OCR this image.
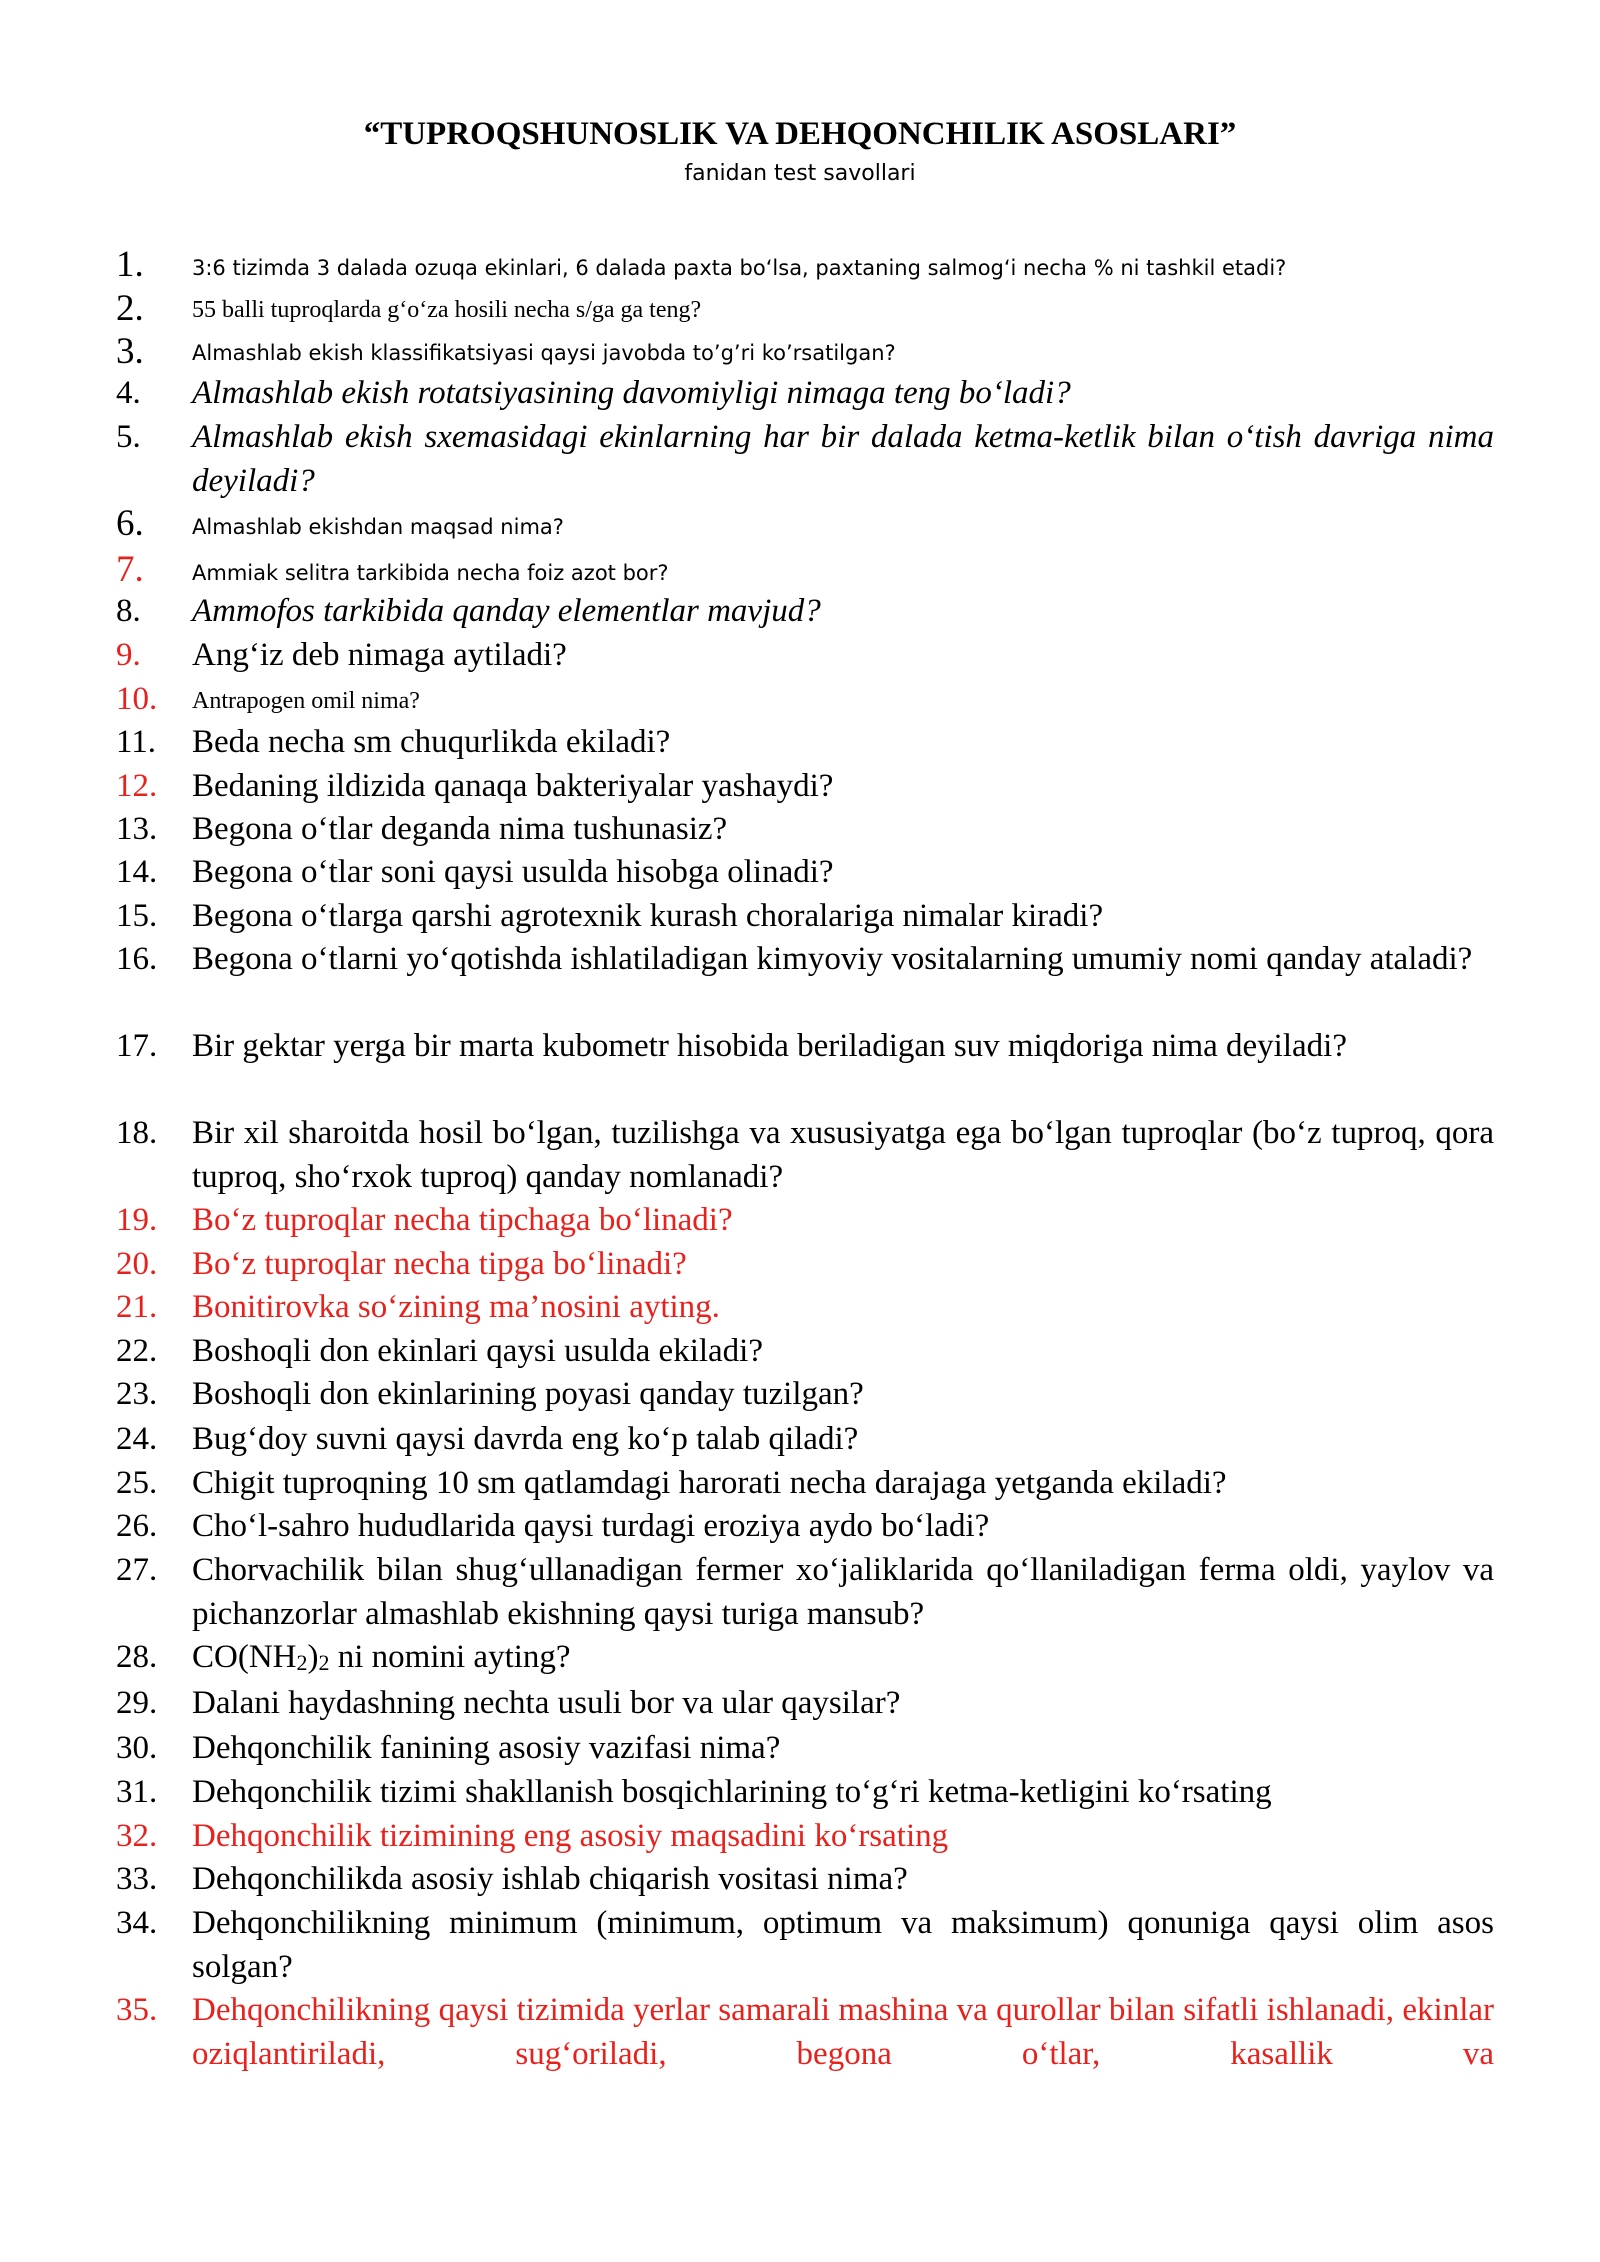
“TUPROQSHUNOSLIK VA DEHQONCHILIK ASOSLARI”
fanidan test savollari
1. 3:6 tizimda 3 dalada ozuqa ekinlari, 6 dalada paxta bo‘lsa, paxtaning salmog‘i necha % ni tashkil etadi?
2. 55 balli tuproqlarda g‘o‘za hosili necha s/ga ga teng?
3. Almashlab ekish klassifikatsiyasi qaysi javobda to’g’ri ko’rsatilgan?
4. Almashlab ekish rotatsiyasining davomiyligi nimaga teng bo‘ladi?
5. Almashlab ekish sxemasidagi ekinlarning har bir dalada ketma-ketlik bilan o‘tish davriga nima deyiladi?
6. Almashlab ekishdan maqsad nima?
7. Ammiak selitra tarkibida necha foiz azot bor?
8. Ammofos tarkibida qanday elementlar mavjud?
9. Ang‘iz deb nimaga aytiladi?
10. Antrapogen omil nima?
11. Beda necha sm chuqurlikda ekiladi?
12. Bedaning ildizida qanaqa bakteriyalar yashaydi?
13. Begona o‘tlar deganda nima tushunasiz?
14. Begona o‘tlar soni qaysi usulda hisobga olinadi?
15. Begona o‘tlarga qarshi agrotexnik kurash choralariga nimalar kiradi?
16. Begona o‘tlarni yo‘qotishda ishlatiladigan kimyoviy vositalarning umumiy nomi qanday ataladi?
17. Bir gektar yerga bir marta kubometr hisobida beriladigan suv miqdoriga nima deyiladi?
18. Bir xil sharoitda hosil bo‘lgan, tuzilishga va xususiyatga ega bo‘lgan tuproqlar (bo‘z tuproq, qora tuproq, sho‘rxok tuproq) qanday nomlanadi?
19. Bo‘z tuproqlar necha tipchaga bo‘linadi?
20. Bo‘z tuproqlar necha tipga bo‘linadi?
21. Bonitirovka so‘zining ma’nosini ayting.
22. Boshoqli don ekinlari qaysi usulda ekiladi?
23. Boshoqli don ekinlarining poyasi qanday tuzilgan?
24. Bug‘doy suvni qaysi davrda eng ko‘p talab qiladi?
25. Chigit tuproqning 10 sm qatlamdagi harorati necha darajaga yetganda ekiladi?
26. Cho‘l-sahro hududlarida qaysi turdagi eroziya aydo bo‘ladi?
27. Chorvachilik bilan shug‘ullanadigan fermer xo‘jaliklarida qo‘llaniladigan ferma oldi, yaylov va pichanzorlar almashlab ekishning qaysi turiga mansub?
28. $CO(NH_2)_2$ ni nomini ayting?
29. Dalani haydashning nechta usuli bor va ular qaysilar?
30. Dehqonchilik fanining asosiy vazifasi nima?
31. Dehqonchilik tizimi shakllanish bosqichlarining to‘g‘ri ketma-ketligini ko‘rsating
32. Dehqonchilik tizimining eng asosiy maqsadini ko‘rsating
33. Dehqonchilikda asosiy ishlab chiqarish vositasi nima?
34. Dehqonchilikning minimum (minimum, optimum va maksimum) qonuniga qaysi olim asos solgan?
35. Dehqonchilikning qaysi tizimida yerlar samarali mashina va qurollar bilan sifatli ishlanadi, ekinlar oziqlantiriladi, sug‘oriladi, begona o‘tlar, kasallik va
